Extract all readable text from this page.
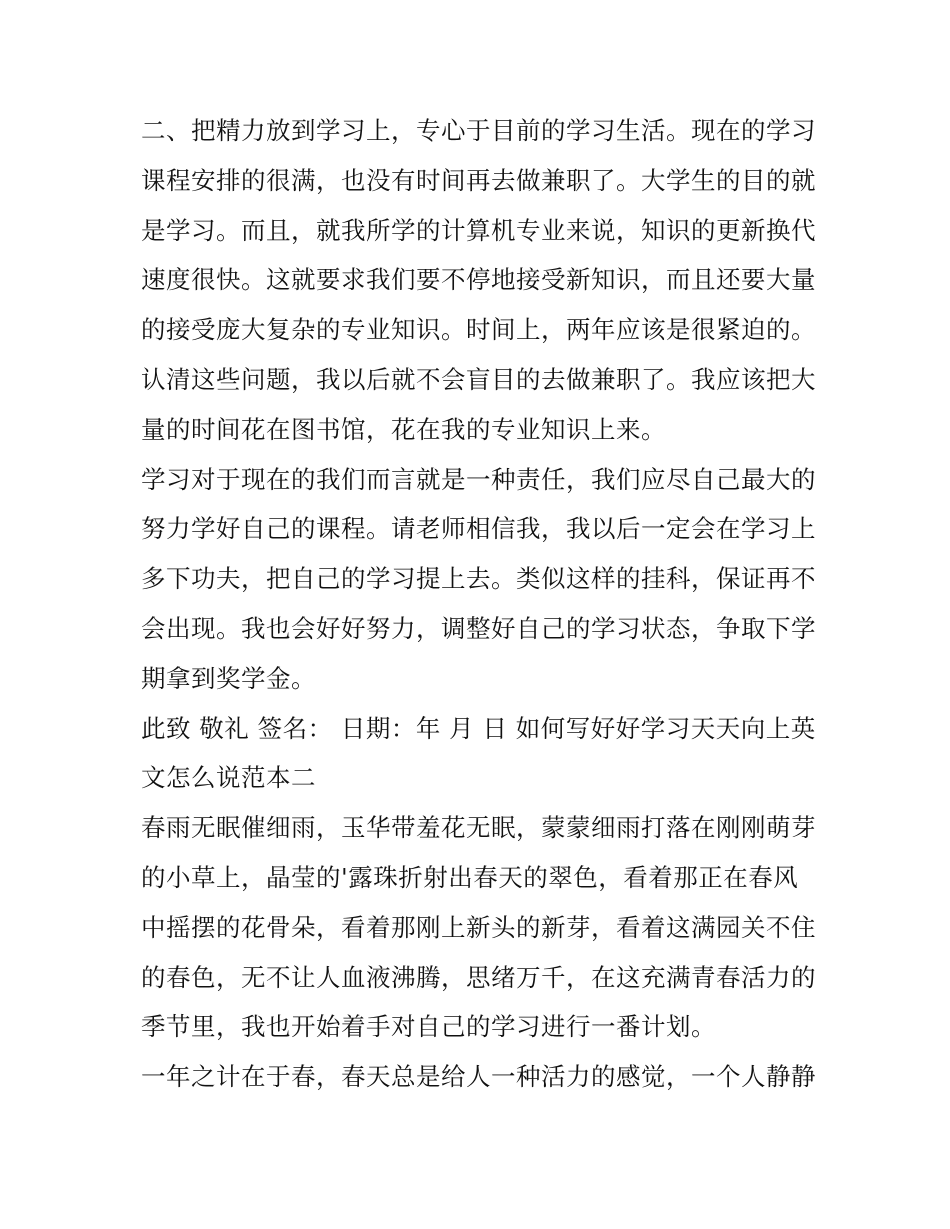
二、把精力放到学习上，专心于目前的学习生活。现在的学习
课程安排的很满，也没有时间再去做兼职了。大学生的目的就
是学习。而且，就我所学的计算机专业来说，知识的更新换代
速度很快。这就要求我们要不停地接受新知识，而且还要大量
的接受庞大复杂的专业知识。时间上，两年应该是很紧迫的。
认清这些问题，我以后就不会盲目的去做兼职了。我应该把大
量的时间花在图书馆，花在我的专业知识上来。

学习对于现在的我们而言就是一种责任，我们应尽自己最大的
努力学好自己的课程。请老师相信我，我以后一定会在学习上
多下功夫，把自己的学习提上去。类似这样的挂科，保证再不
会出现。我也会好好努力，调整好自己的学习状态，争取下学
期拿到奖学金。

此致 敬礼 签名： 日期：年 月 日 如何写好好学习天天向上英
文怎么说范本二

春雨无眠催细雨，玉华带羞花无眠，蒙蒙细雨打落在刚刚萌芽
的小草上，晶莹的'露珠折射出春天的翠色，看着那正在春风
中摇摆的花骨朵，看着那刚上新头的新芽，看着这满园关不住
的春色，无不让人血液沸腾，思绪万千，在这充满青春活力的
季节里，我也开始着手对自己的学习进行一番计划。

一年之计在于春，春天总是给人一种活力的感觉，一个人静静
